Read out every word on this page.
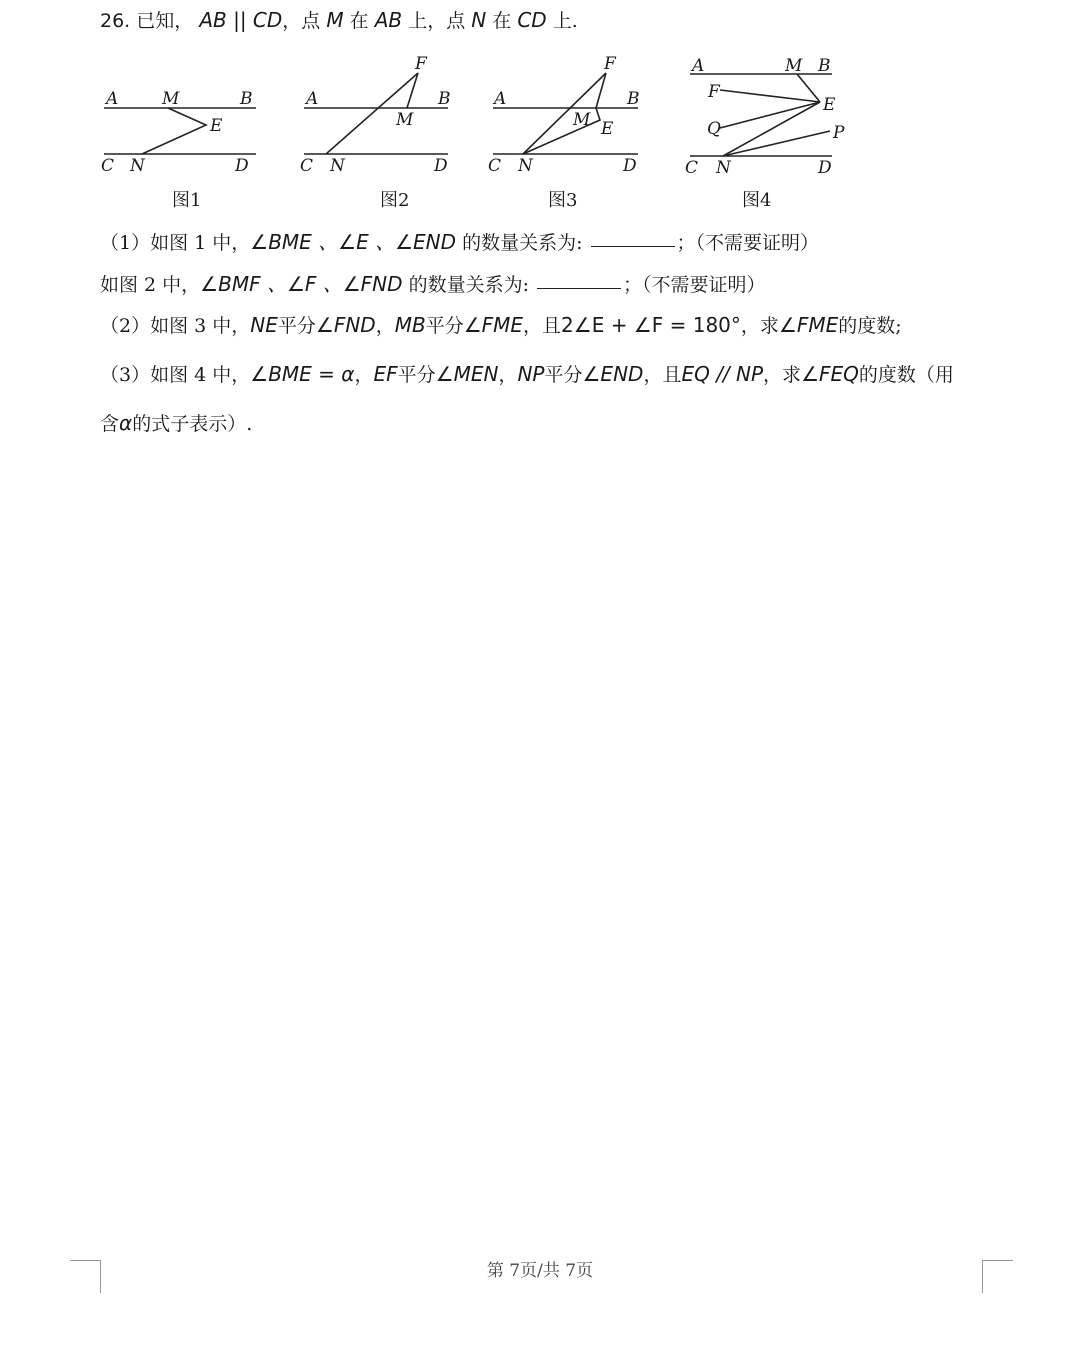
26. 已知， AB || CD，点 M 在 AB 上，点 N 在 CD 上.
A	M	B
E
C N	D
图1
F
A	B
M
C N	D
图2
F
A	B
M E
C N	D
图3
A	M B
F
E
Q	P
C N	D
图4
（1）如图 1 中，∠BME 、∠E 、∠END 的数量关系为:	；（不需要证明）
如图 2 中，∠BMF 、∠F 、∠FND 的数量关系为:	；（不需要证明）
（2）如图 3 中，NE平分∠FND，MB平分∠FME，且2∠E + ∠F = 180°，求∠FME的度数;
（3）如图 4 中，∠BME = α，EF平分∠MEN，NP平分∠END，且EQ // NP，求∠FEQ的度数（用
含α的式子表示）.
第 7页/共 7页
